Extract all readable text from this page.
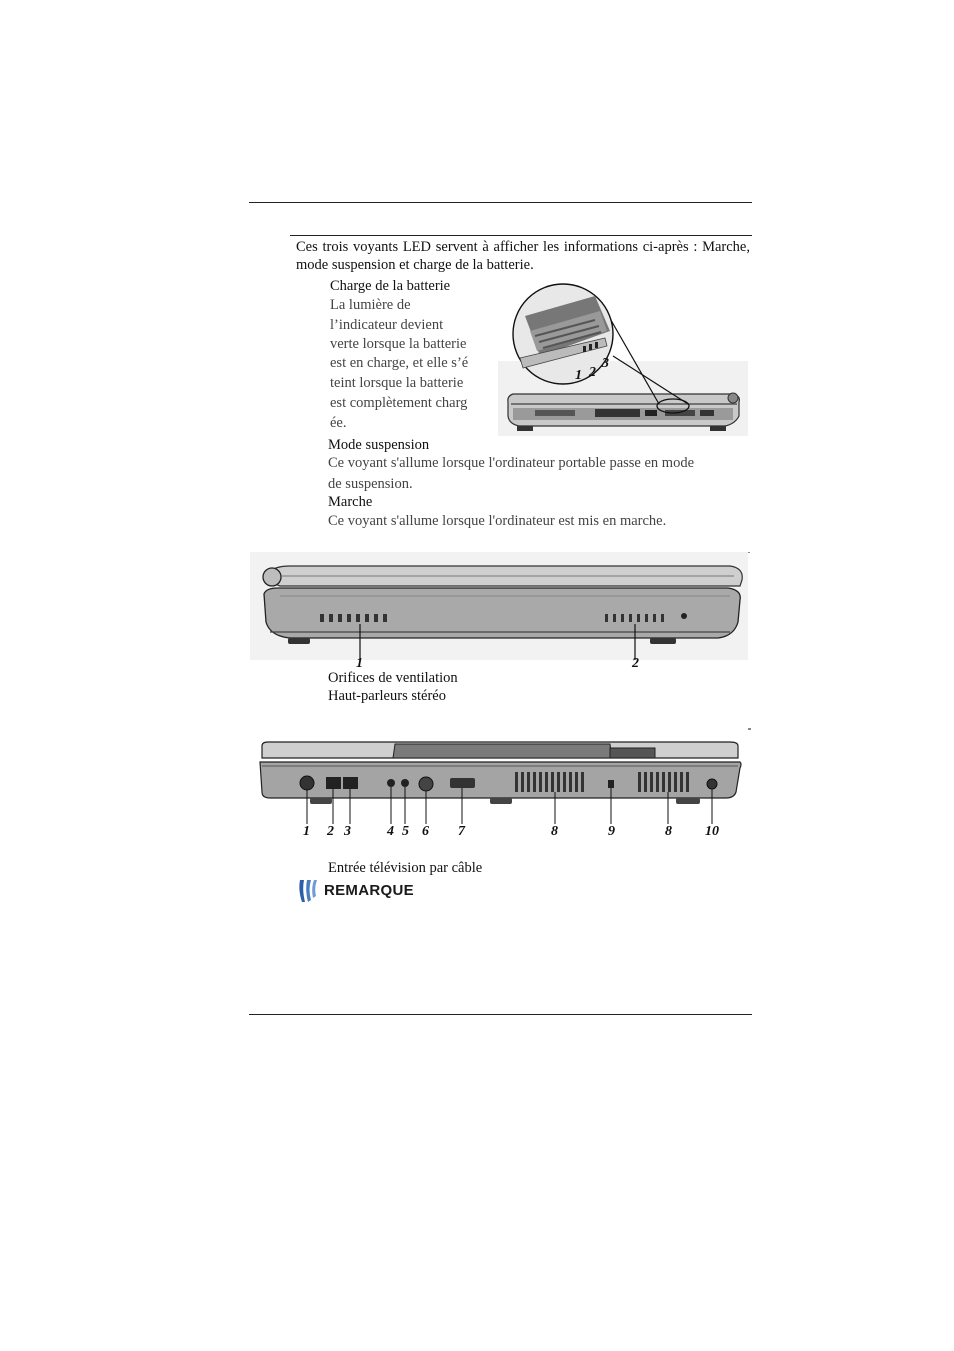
Ces trois voyants LED servent à afficher les informations ci-après : Marche, mode suspension et charge de la batterie.
Charge de la batterie
La lumière de
l’indicateur devient
verte lorsque la batterie
est en charge, et elle s’é
teint lorsque la batterie
est complètement charg
ée.
Mode suspension
Ce voyant s'allume lorsque l'ordinateur portable passe en mode
de suspension.
Marche
Ce voyant s'allume lorsque l'ordinateur est mis en marche.
1 2
3
1	2
Orifices de ventilation
Haut-parleurs stéréo
1 2 3	4 5 6 7	8	9	8 10
Entrée télévision par câble
REMARQUE
